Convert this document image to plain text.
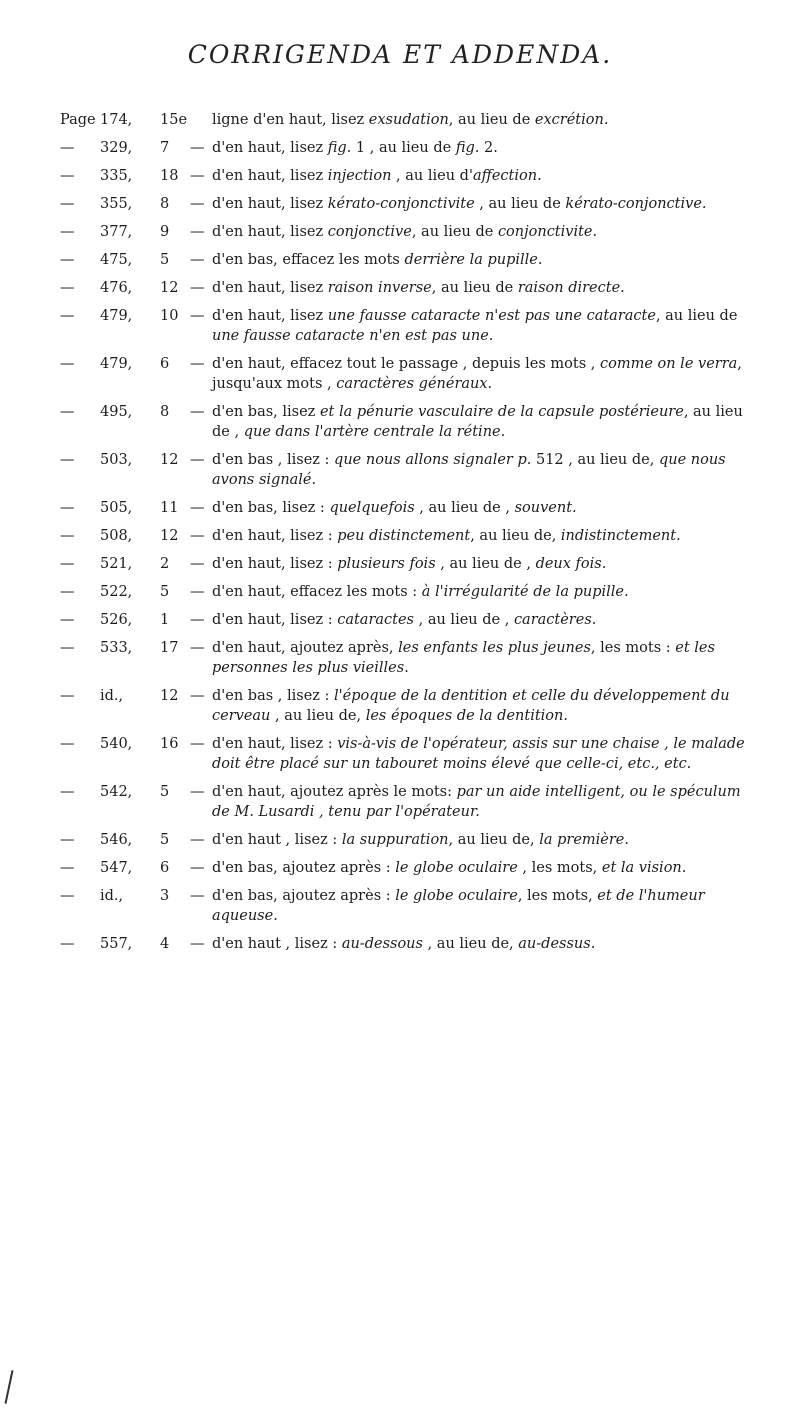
CORRIGENDA ET ADDENDA.
Page 174,	15e ligne d'en haut, lisez exsudation, au lieu de excrétion.
—	329,	7	— d'en haut, lisez fig. 1 , au lieu de fig. 2.
—	335,	18 — d'en haut, lisez injection , au lieu d'affection.
—	355,	8	— d'en haut, lisez kérato-conjonctivite , au lieu de kérato-conjonctive.
—	377,	9	— d'en haut, lisez conjonctive, au lieu de conjonctivite.
—	475,	5	— d'en bas, effacez les mots derrière la pupille.
—	476,	12 — d'en haut, lisez raison inverse, au lieu de raison directe.
—	479,	10 — d'en haut, lisez une fausse cataracte n'est pas une cataracte, au lieu de une fausse cataracte n'en est pas une.
—	479,	6	— d'en haut, effacez tout le passage , depuis les mots , comme on le verra, jusqu'aux mots , caractères généraux.
—	495,	8	— d'en bas, lisez et la pénurie vasculaire de la capsule postérieure, au lieu de , que dans l'artère centrale la rétine.
—	503,	12 — d'en bas , lisez : que nous allons signaler p. 512 , au lieu de, que nous avons signalé.
—	505,	11 — d'en bas, lisez : quelquefois , au lieu de , souvent.
—	508,	12 — d'en haut, lisez : peu distinctement, au lieu de, indistinctement.
—	521,	2	— d'en haut, lisez : plusieurs fois , au lieu de , deux fois.
—	522,	5	— d'en haut, effacez les mots : à l'irrégularité de la pupille.
—	526,	1	— d'en haut, lisez : cataractes , au lieu de , caractères.
—	533,	17 — d'en haut, ajoutez après, les enfants les plus jeunes, les mots : et les personnes les plus vieilles.
—	id.,	12 — d'en bas , lisez : l'époque de la dentition et celle du développement du cerveau , au lieu de, les époques de la dentition.
—	540,	16 — d'en haut, lisez : vis-à-vis de l'opérateur, assis sur une chaise , le malade doit être placé sur un tabouret moins élevé que celle-ci, etc., etc.
—	542,	5	— d'en haut, ajoutez après le mots: par un aide intelligent, ou le spéculum de M. Lusardi , tenu par l'opérateur.
—	546,	5	— d'en haut , lisez : la suppuration, au lieu de, la première.
—	547,	6	— d'en bas, ajoutez après : le globe oculaire , les mots, et la vision.
—	id.,	3	— d'en bas, ajoutez après : le globe oculaire, les mots, et de l'humeur aqueuse.
—	557,	4	— d'en haut , lisez : au-dessous , au lieu de, au-dessus.
